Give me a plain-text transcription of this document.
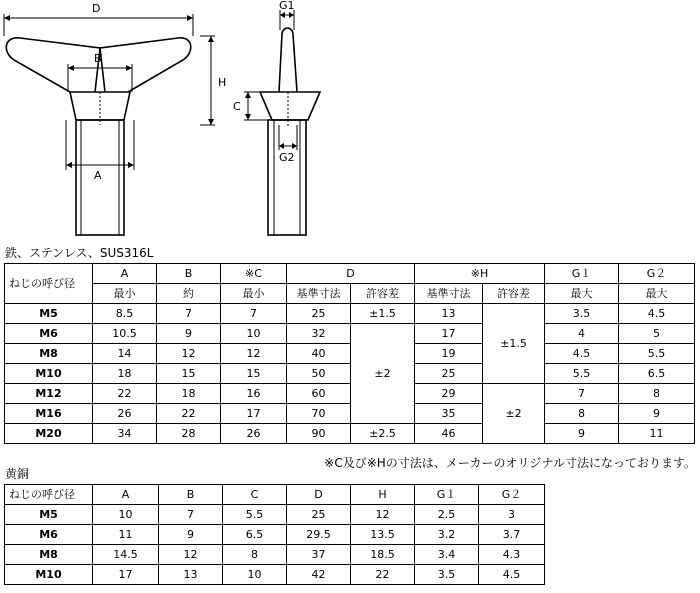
D
B
A
H
C
G1
G2
鉄、ステンレス、SUS316L
ねじの呼び径	A	B	※C	D		※H		G１	G２
	最小	約	最小	基準寸法	許容差	基準寸法	許容差	最大	最大
M5	8.5	7	7	25	±1.5	13	±1.5	3.5	4.5
M6	10.5	9	10	32	±2	17		4	5
M8	14	12	12	40		19		4.5	5.5
M10	18	15	15	50		25		5.5	6.5
M12	22	18	16	60		29	±2	7	8
M16	26	22	17	70		35		8	9
M20	34	28	26	90	±2.5	46		9	11
※C及び※Hの寸法は、メーカーのオリジナル寸法になっております。
黄銅
ねじの呼び径	A	B	C	D	H	G１	G２
M5	10	7	5.5	25	12	2.5	3
M6	11	9	6.5	29.5	13.5	3.2	3.7
M8	14.5	12	8	37	18.5	3.4	4.3
M10	17	13	10	42	22	3.5	4.5
